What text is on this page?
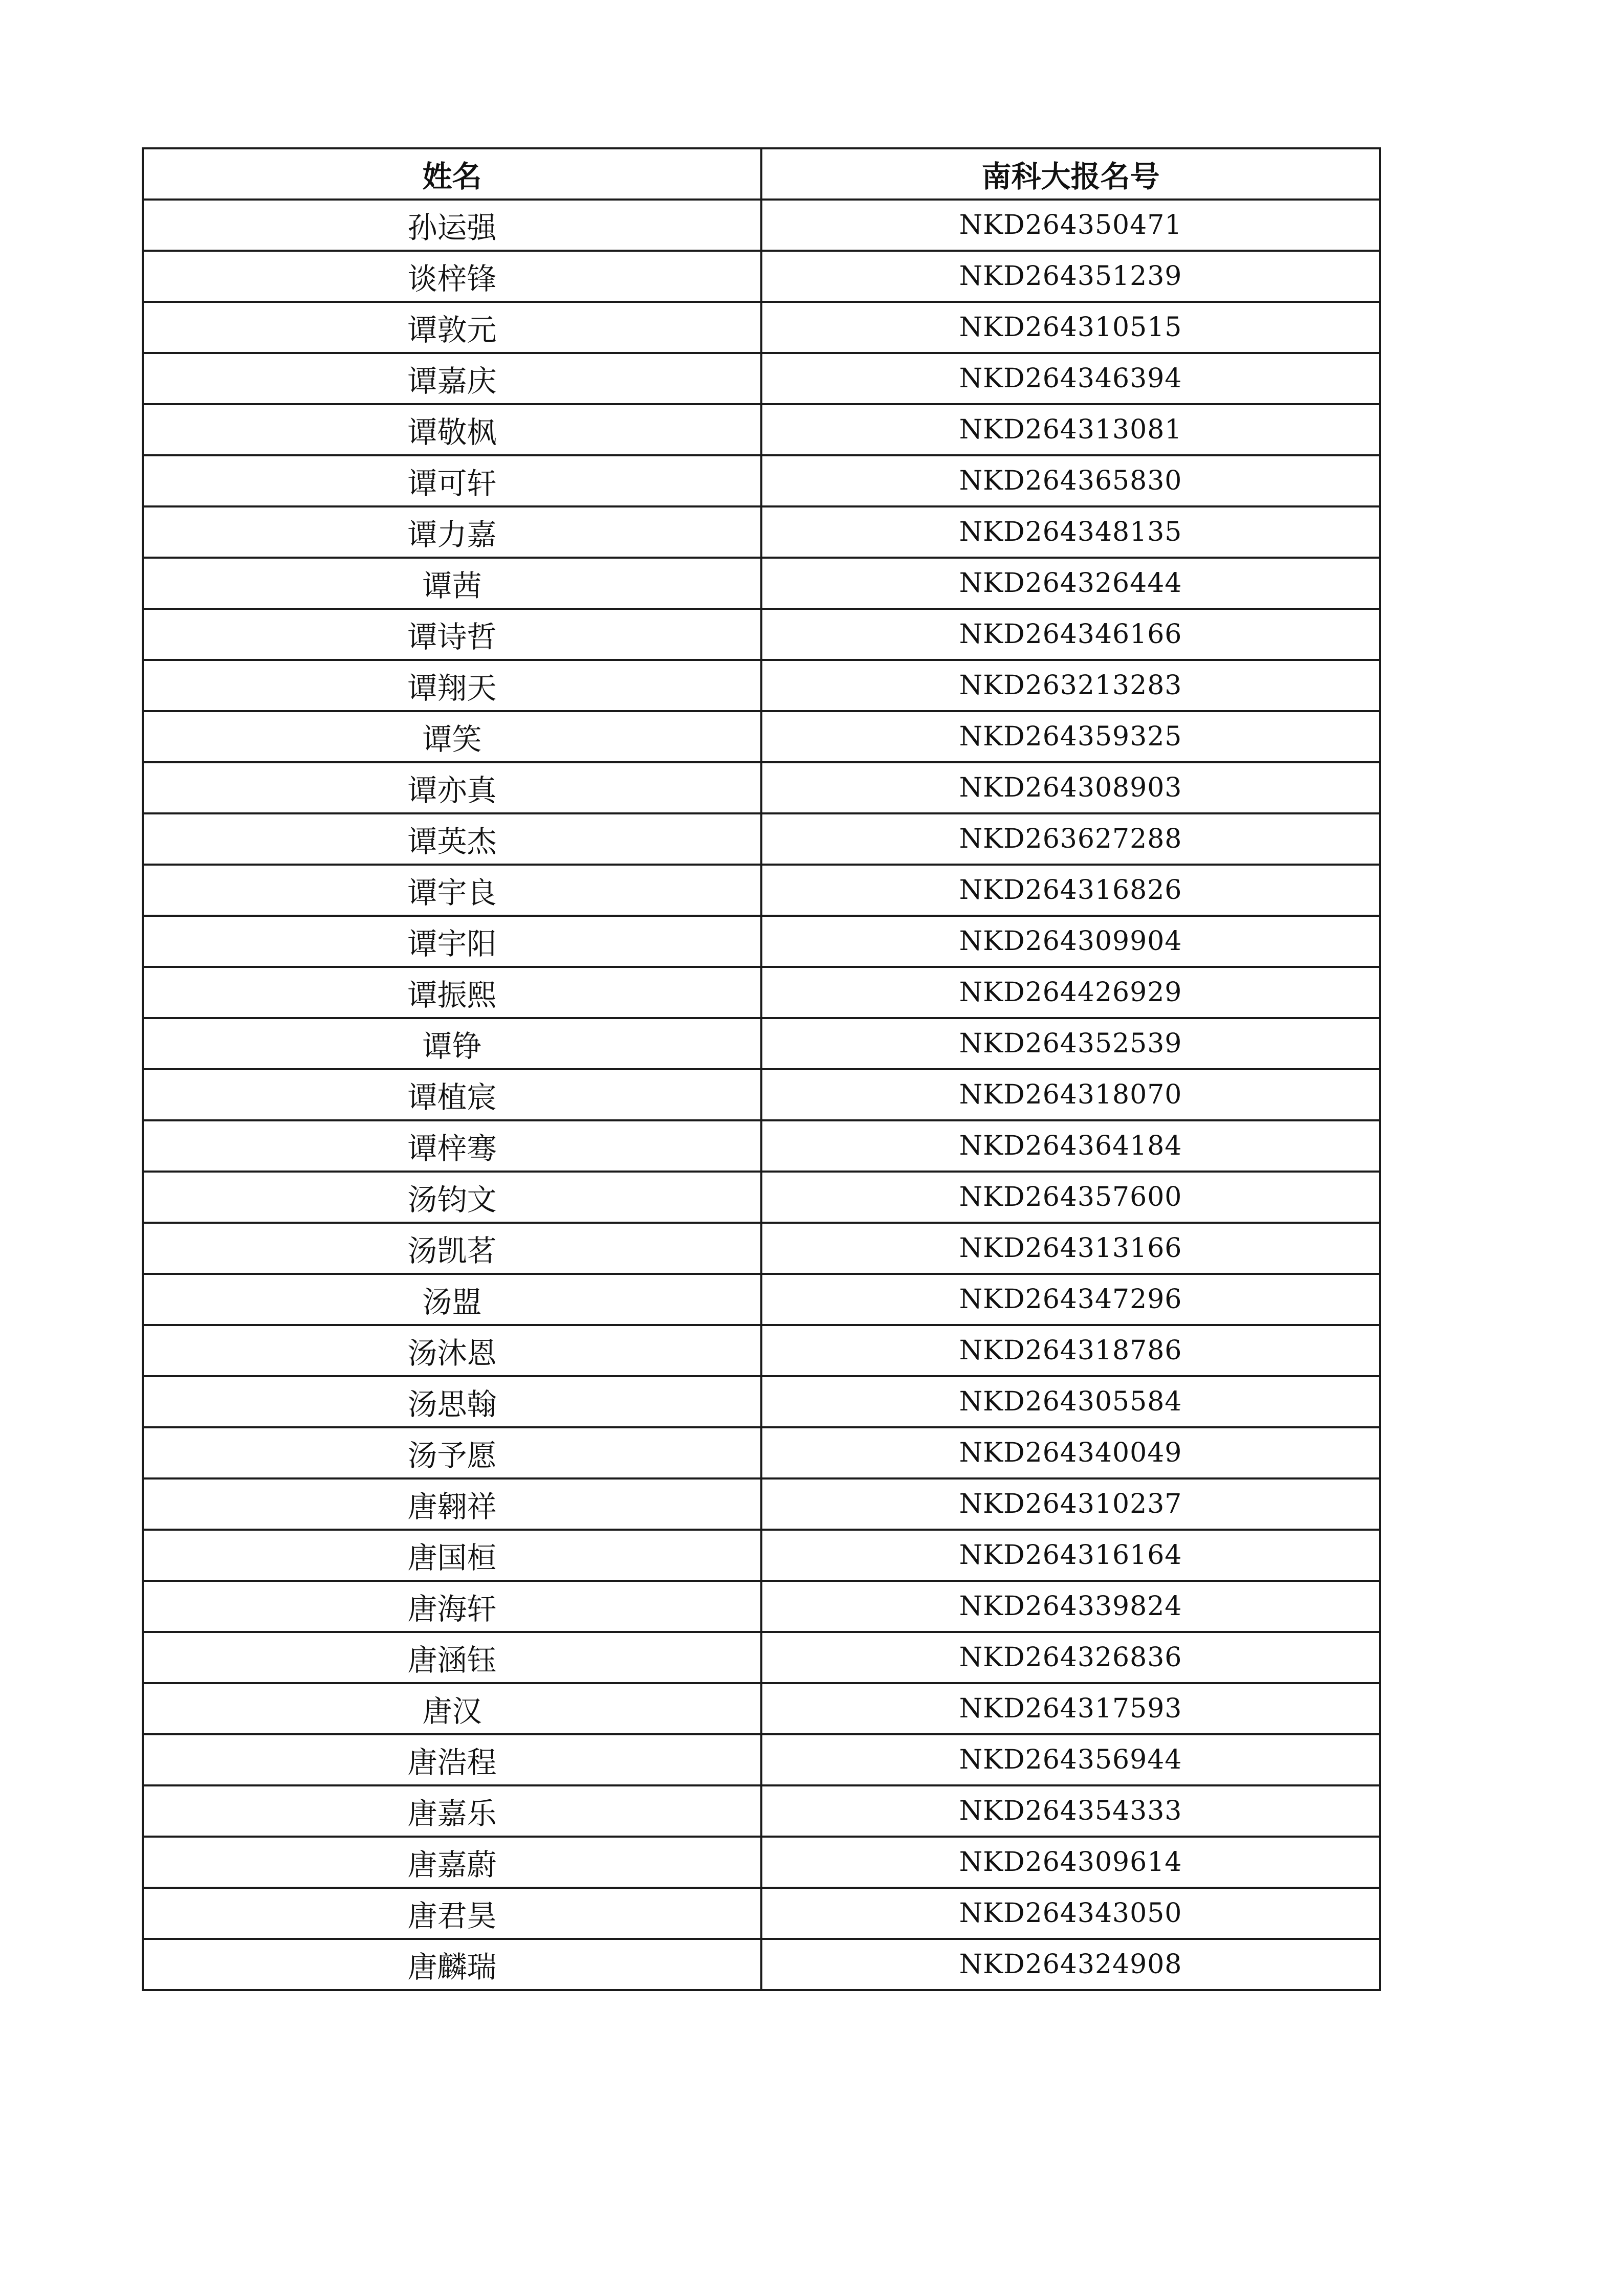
姓名	南科大报名号
孙运强	NKD264350471
谈梓锋	NKD264351239
谭敦元	NKD264310515
谭嘉庆	NKD264346394
谭敬枫	NKD264313081
谭可轩	NKD264365830
谭力嘉	NKD264348135
谭茜	NKD264326444
谭诗哲	NKD264346166
谭翔天	NKD263213283
谭笑	NKD264359325
谭亦真	NKD264308903
谭英杰	NKD263627288
谭宇良	NKD264316826
谭宇阳	NKD264309904
谭振熙	NKD264426929
谭铮	NKD264352539
谭植宸	NKD264318070
谭梓骞	NKD264364184
汤钧文	NKD264357600
汤凯茗	NKD264313166
汤盟	NKD264347296
汤沐恩	NKD264318786
汤思翰	NKD264305584
汤予愿	NKD264340049
唐翱祥	NKD264310237
唐国桓	NKD264316164
唐海轩	NKD264339824
唐涵钰	NKD264326836
唐汉	NKD264317593
唐浩程	NKD264356944
唐嘉乐	NKD264354333
唐嘉蔚	NKD264309614
唐君昊	NKD264343050
唐麟瑞	NKD264324908
